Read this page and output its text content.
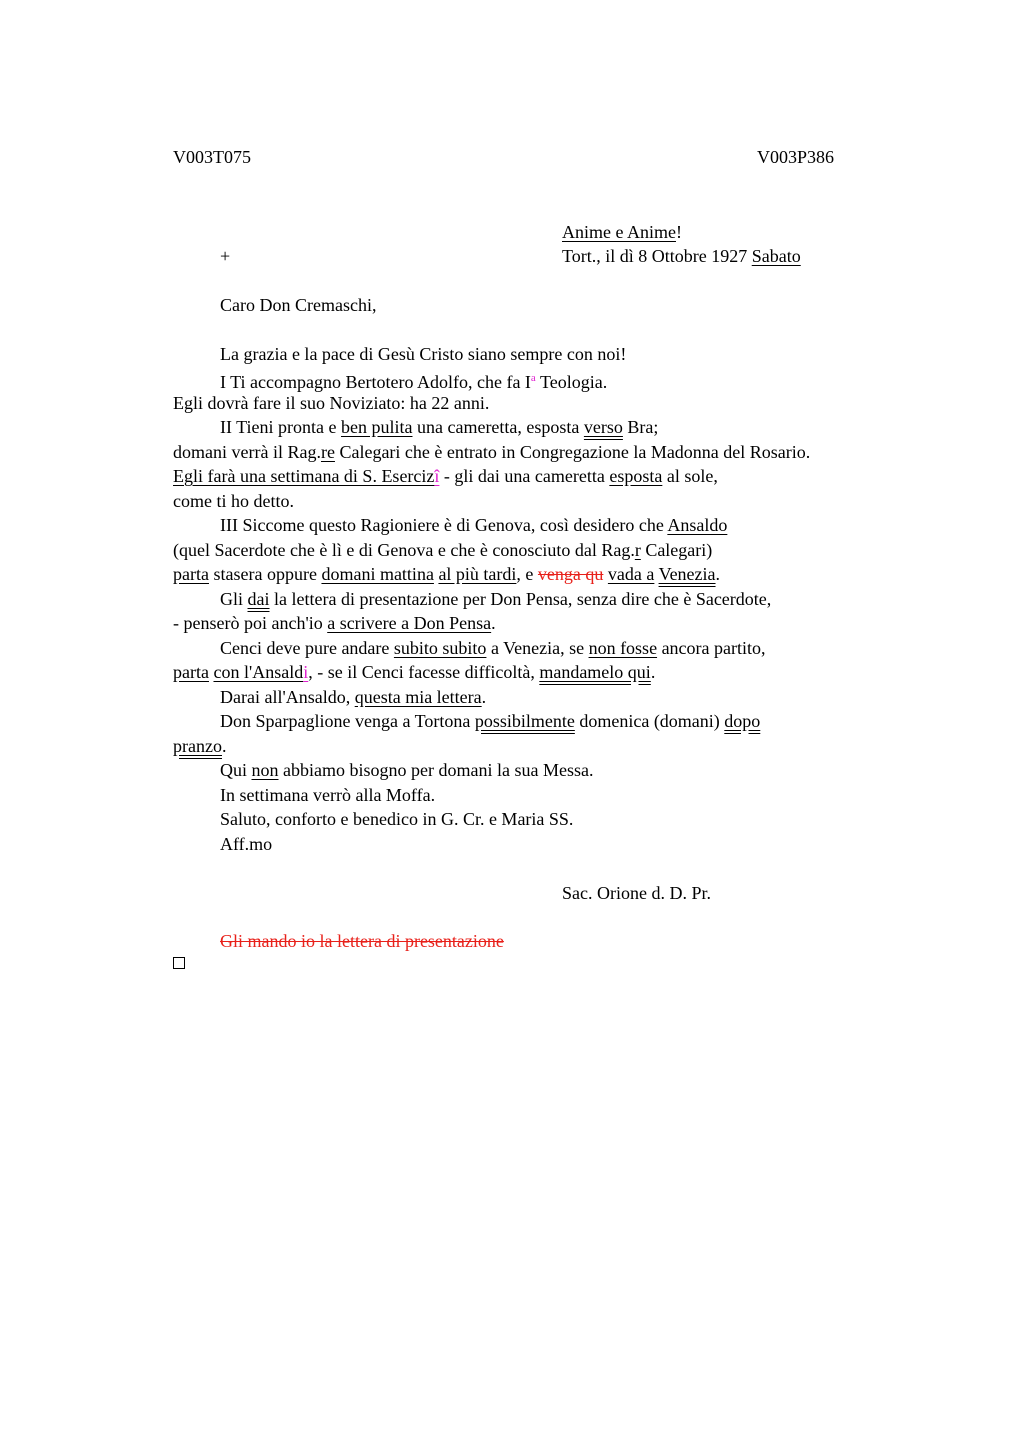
V003T075	V003P386
Anime e Anime!
+	Tort., il dì 8 Ottobre 1927 Sabato
Caro Don Cremaschi,
La grazia e la pace di Gesù Cristo siano sempre con noi!
I Ti accompagno Bertotero Adolfo, che fa $I^a$ Teologia.
Egli dovrà fare il suo Noviziato: ha 22 anni.
II Tieni pronta e ben pulita una cameretta, esposta verso Bra;
domani verrà il Rag.re Calegari che è entrato in Congregazione la Madonna del Rosario.
Egli farà una settimana di S. Esercizî - gli dai una cameretta esposta al sole,
come ti ho detto.
III Siccome questo Ragioniere è di Genova, così desidero che Ansaldo
(quel Sacerdote che è lì e di Genova e che è conosciuto dal Rag.r Calegari)
parta stasera oppure domani mattina al più tardi, e venga qu vada a Venezia.
Gli dai la lettera di presentazione per Don Pensa, senza dire che è Sacerdote,
- penserò poi anch'io a scrivere a Don Pensa.
Cenci deve pure andare subito subito a Venezia, se non fosse ancora partito,
parta con l'Ansaldi, - se il Cenci facesse difficoltà, mandamelo qui.
Darai all'Ansaldo, questa mia lettera.
Don Sparpaglione venga a Tortona possibilmente domenica (domani) dopo
pranzo.
Qui non abbiamo bisogno per domani la sua Messa.
In settimana verrò alla Moffa.
Saluto, conforto e benedico in G. Cr. e Maria SS.
Aff.mo
Sac. Orione d. D. Pr.
Gli mando io la lettera di presentazione
